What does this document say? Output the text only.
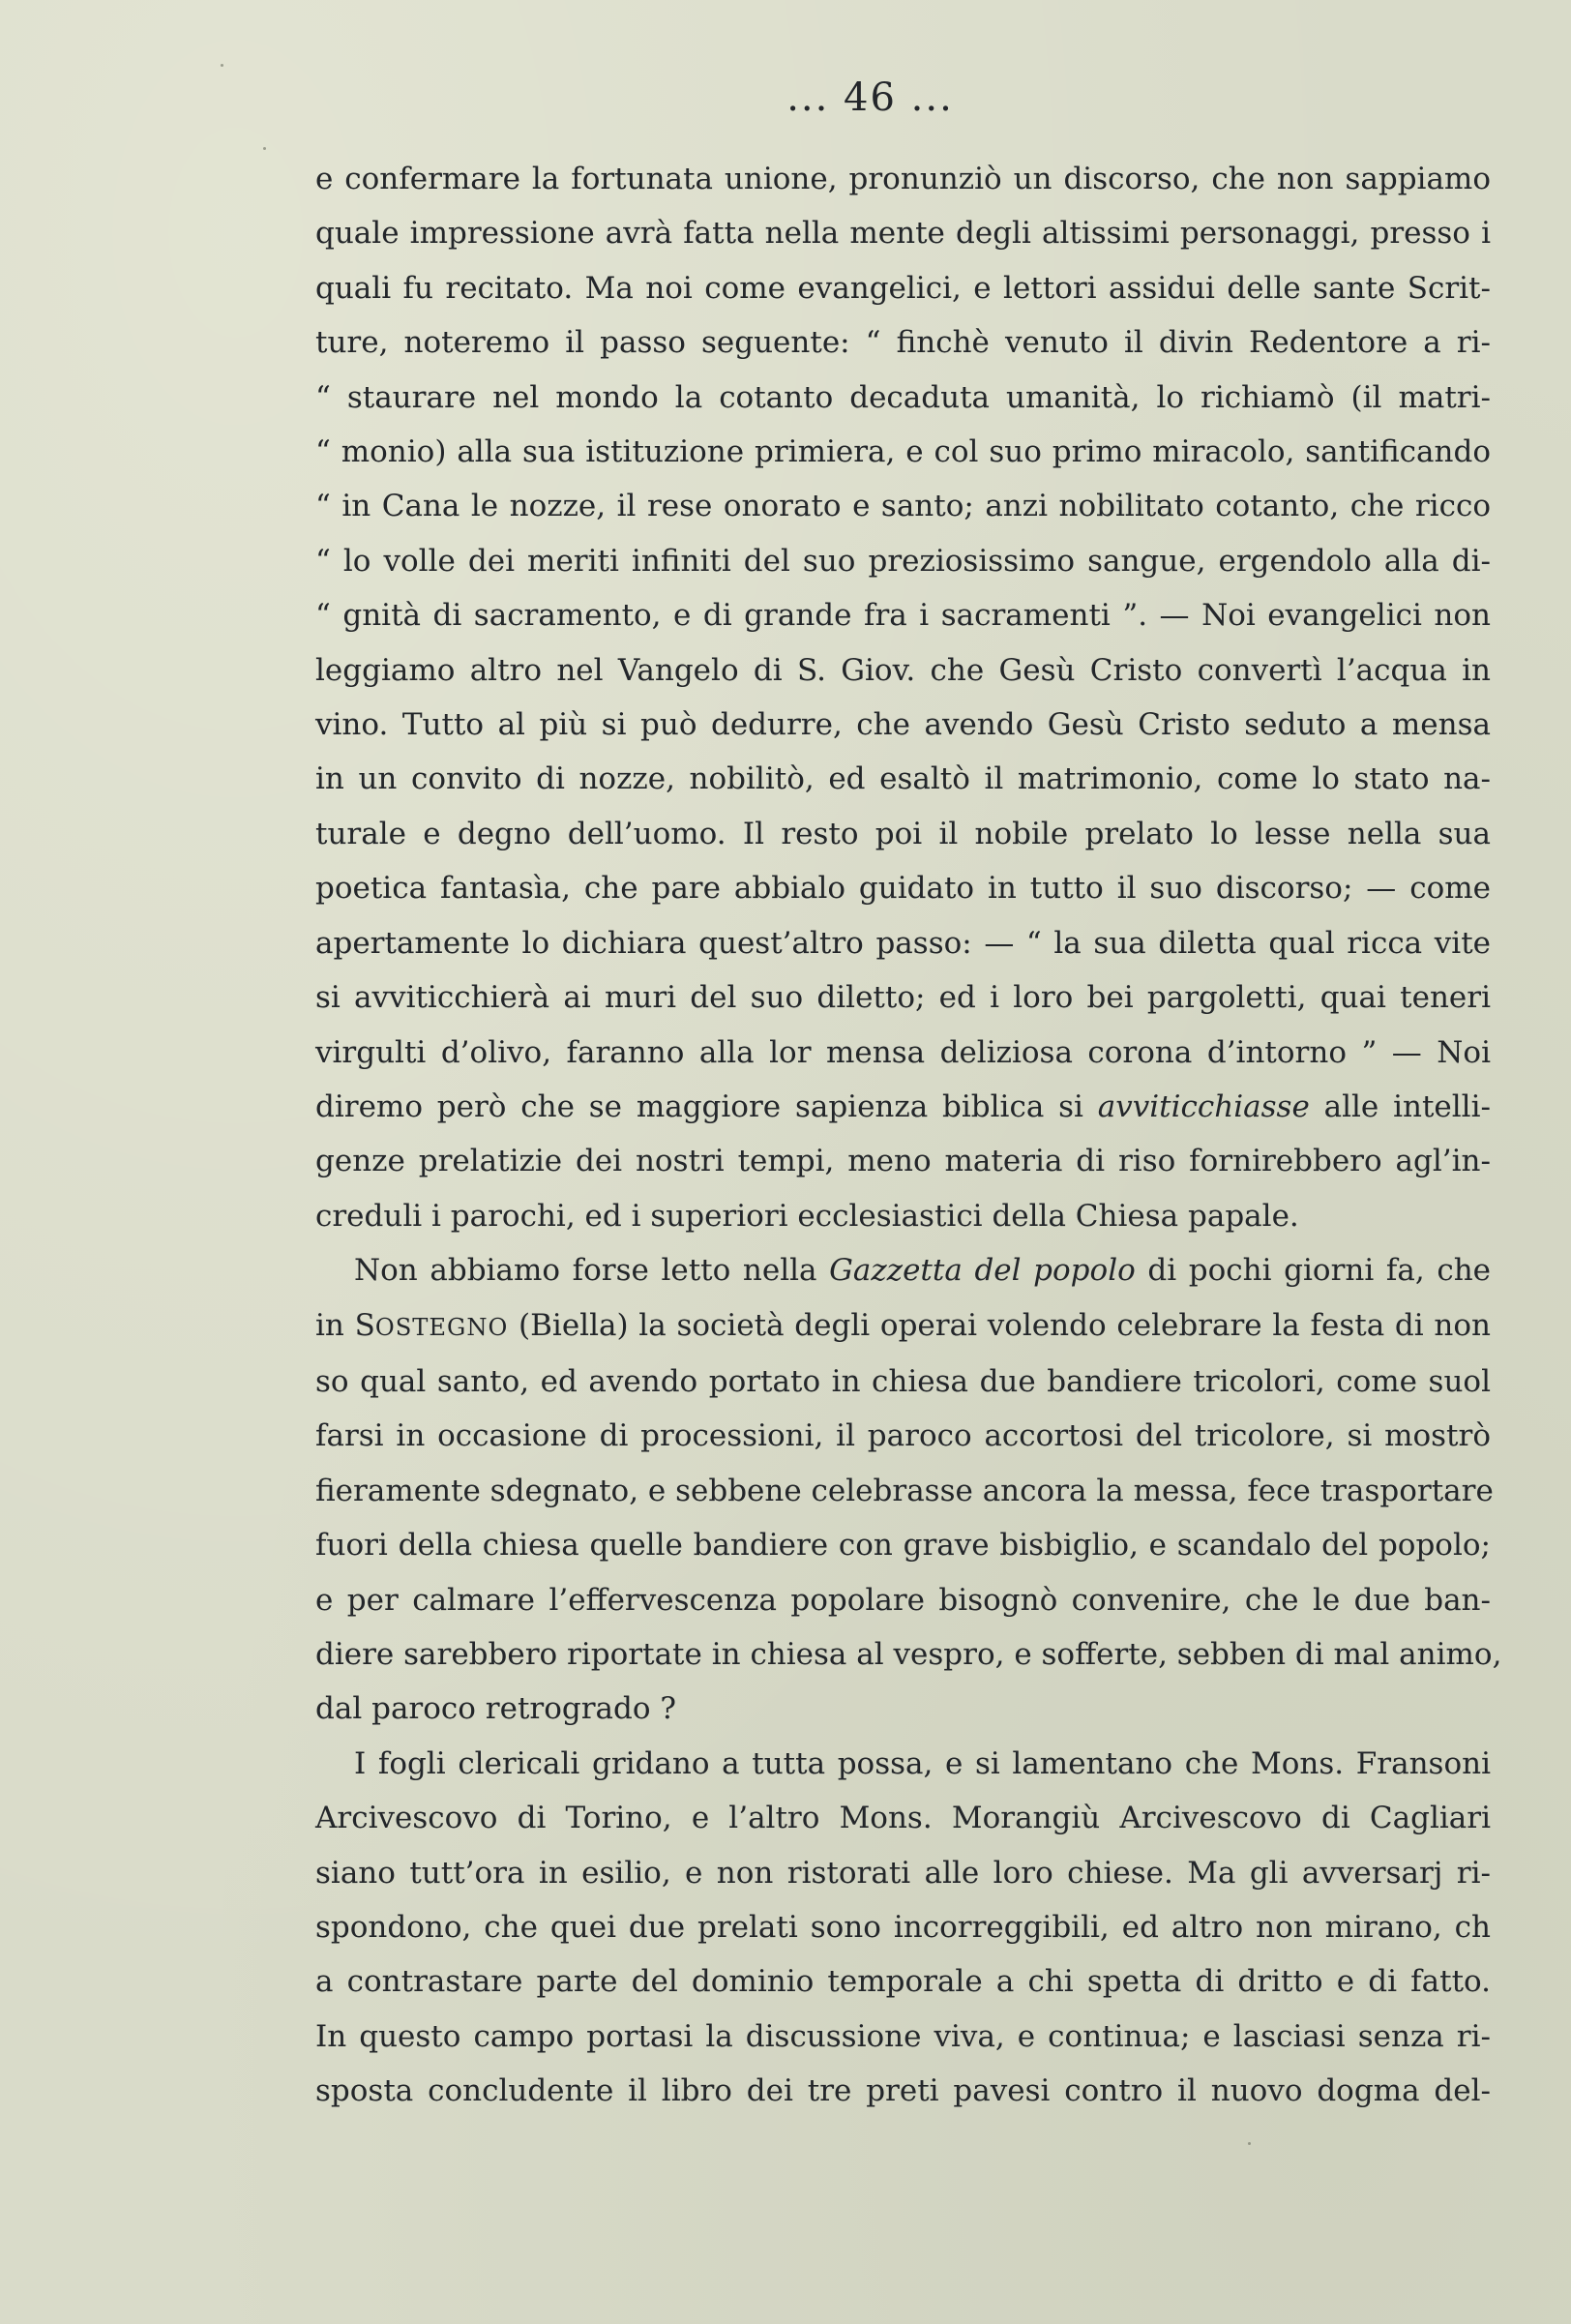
... 46 ...
e confermare la fortunata unione, pronunziò un discorso, che non sappiamo
quale impressione avrà fatta nella mente degli altissimi personaggi, presso i
quali fu recitato. Ma noi come evangelici, e lettori assidui delle sante Scrit-
ture, noteremo il passo seguente: “ finchè venuto il divin Redentore a ri-
“ staurare nel mondo la cotanto decaduta umanità, lo richiamò (il matri-
“ monio) alla sua istituzione primiera, e col suo primo miracolo, santificando
“ in Cana le nozze, il rese onorato e santo; anzi nobilitato cotanto, che ricco
“ lo volle dei meriti infiniti del suo preziosissimo sangue, ergendolo alla di-
“ gnità di sacramento, e di grande fra i sacramenti ”. — Noi evangelici non
leggiamo altro nel Vangelo di S. Giov. che Gesù Cristo convertì l’acqua in
vino. Tutto al più si può dedurre, che avendo Gesù Cristo seduto a mensa
in un convito di nozze, nobilitò, ed esaltò il matrimonio, come lo stato na-
turale e degno dell’uomo. Il resto poi il nobile prelato lo lesse nella sua
poetica fantasìa, che pare abbialo guidato in tutto il suo discorso; — come
apertamente lo dichiara quest’altro passo: — “ la sua diletta qual ricca vite
si avviticchierà ai muri del suo diletto; ed i loro bei pargoletti, quai teneri
virgulti d’olivo, faranno alla lor mensa deliziosa corona d’intorno ” — Noi
diremo però che se maggiore sapienza biblica si avviticchiasse alle intelli-
genze prelatizie dei nostri tempi, meno materia di riso fornirebbero agl’in-
creduli i parochi, ed i superiori ecclesiastici della Chiesa papale.
Non abbiamo forse letto nella Gazzetta del popolo di pochi giorni fa, che
in SOSTEGNO (Biella) la società degli operai volendo celebrare la festa di non
so qual santo, ed avendo portato in chiesa due bandiere tricolori, come suol
farsi in occasione di processioni, il paroco accortosi del tricolore, si mostrò
fieramente sdegnato, e sebbene celebrasse ancora la messa, fece trasportare
fuori della chiesa quelle bandiere con grave bisbiglio, e scandalo del popolo;
e per calmare l’effervescenza popolare bisognò convenire, che le due ban-
diere sarebbero riportate in chiesa al vespro, e sofferte, sebben di mal animo,
dal paroco retrogrado ?
I fogli clericali gridano a tutta possa, e si lamentano che Mons. Fransoni
Arcivescovo di Torino, e l’altro Mons. Morangiù Arcivescovo di Cagliari
siano tutt’ora in esilio, e non ristorati alle loro chiese. Ma gli avversarj ri-
spondono, che quei due prelati sono incorreggibili, ed altro non mirano, ch
a contrastare parte del dominio temporale a chi spetta di dritto e di fatto.
In questo campo portasi la discussione viva, e continua; e lasciasi senza ri-
sposta concludente il libro dei tre preti pavesi contro il nuovo dogma del-
